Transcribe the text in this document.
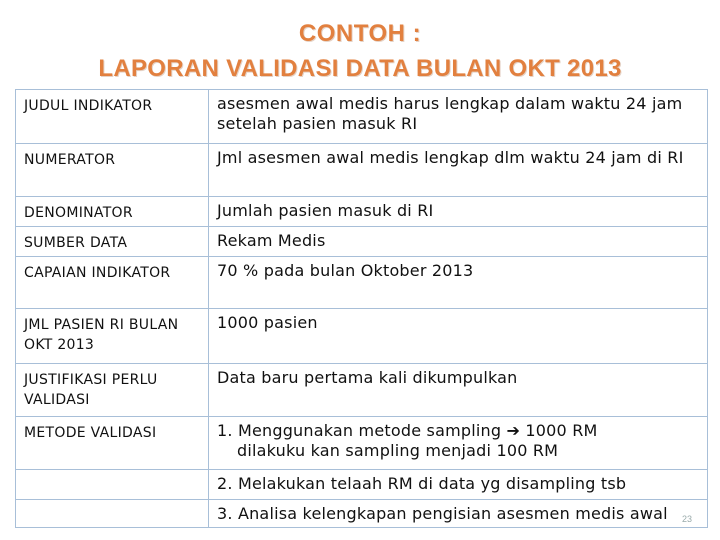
CONTOH :
LAPORAN VALIDASI DATA BULAN OKT 2013
JUDUL INDIKATOR	asesmen awal medis harus lengkap dalam waktu 24 jam setelah pasien masuk RI
NUMERATOR	Jml asesmen awal medis lengkap dlm waktu 24 jam di RI
DENOMINATOR	Jumlah pasien masuk di RI
SUMBER DATA	Rekam Medis
CAPAIAN INDIKATOR	70 % pada bulan Oktober 2013
JML PASIEN RI BULAN OKT 2013	1000 pasien
JUSTIFIKASI PERLU VALIDASI	Data baru pertama kali dikumpulkan
METODE VALIDASI	1. Menggunakan metode sampling ➔ 1000 RM
dilakuku kan sampling menjadi 100 RM

	2. Melakukan telaah RM di data yg disampling tsb
	3. Analisa kelengkapan pengisian asesmen medis awal 23
